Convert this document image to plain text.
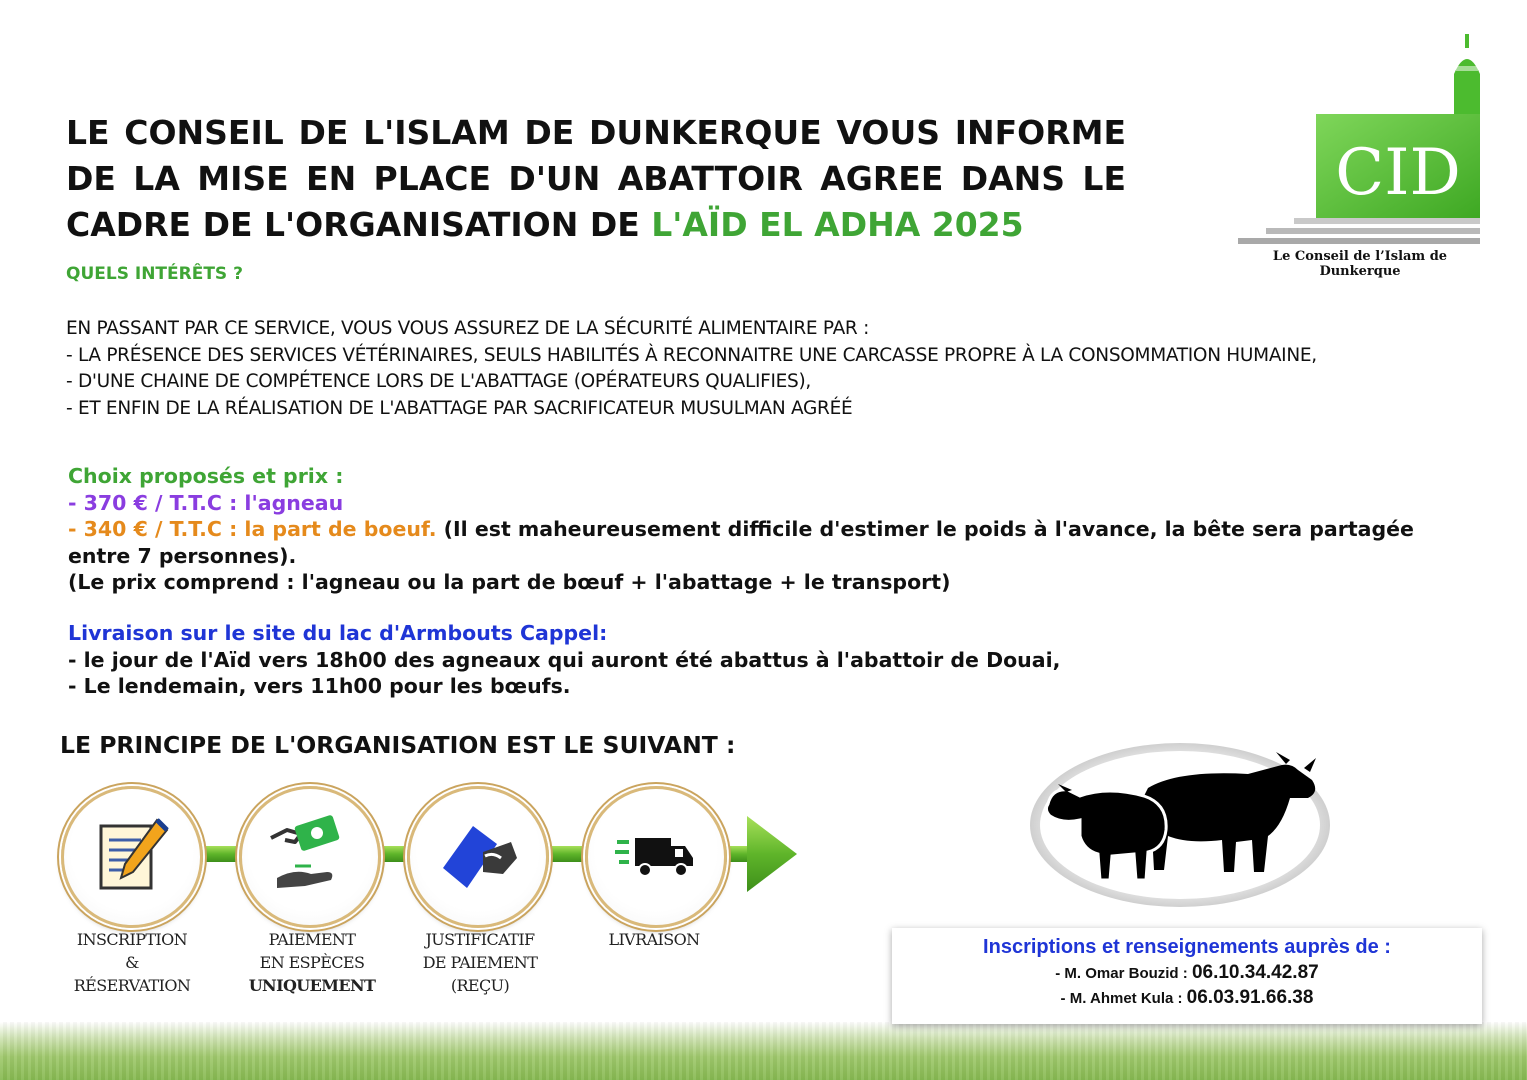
LE CONSEIL DE L'ISLAM DE DUNKERQUE VOUS INFORME DE LA MISE EN PLACE D'UN ABATTOIR AGREE DANS LE CADRE DE L'ORGANISATION DE L'AÏD EL ADHA 2025
CID
Le Conseil de l’Islam de Dunkerque
QUELS INTÉRÊTS ?

EN PASSANT PAR CE SERVICE, VOUS VOUS ASSUREZ DE LA SÉCURITÉ ALIMENTAIRE PAR :

- LA PRÉSENCE DES SERVICES VÉTÉRINAIRES, SEULS HABILITÉS À RECONNAITRE UNE CARCASSE PROPRE À LA CONSOMMATION HUMAINE,

- D'UNE CHAINE DE COMPÉTENCE LORS DE L'ABATTAGE (OPÉRATEURS QUALIFIES),

- ET ENFIN DE LA RÉALISATION DE L'ABATTAGE PAR SACRIFICATEUR MUSULMAN AGRÉÉ

Choix proposés et prix :
- 370 € / T.T.C : l'agneau
- 340 € / T.T.C : la part de boeuf. (Il est maheureusement difficile d'estimer le poids à l'avance, la bête sera partagée entre 7 personnes).
(Le prix comprend : l'agneau ou la part de bœuf + l'abattage + le transport)
Livraison sur le site du lac d'Armbouts Cappel:
- le jour de l'Aïd vers 18h00 des agneaux qui auront été abattus à l'abattoir de Douai,
- Le lendemain, vers 11h00 pour les bœufs.
LE PRINCIPE DE L'ORGANISATION EST LE SUIVANT :
INSCRIPTION
&
RÉSERVATION
PAIEMENT
EN ESPÈCES
UNIQUEMENT
JUSTIFICATIF
DE PAIEMENT
(REÇU)
LIVRAISON	Inscriptions et renseignements auprès de :
- M. Omar Bouzid : 06.10.34.42.87
- M. Ahmet Kula : 06.03.91.66.38
